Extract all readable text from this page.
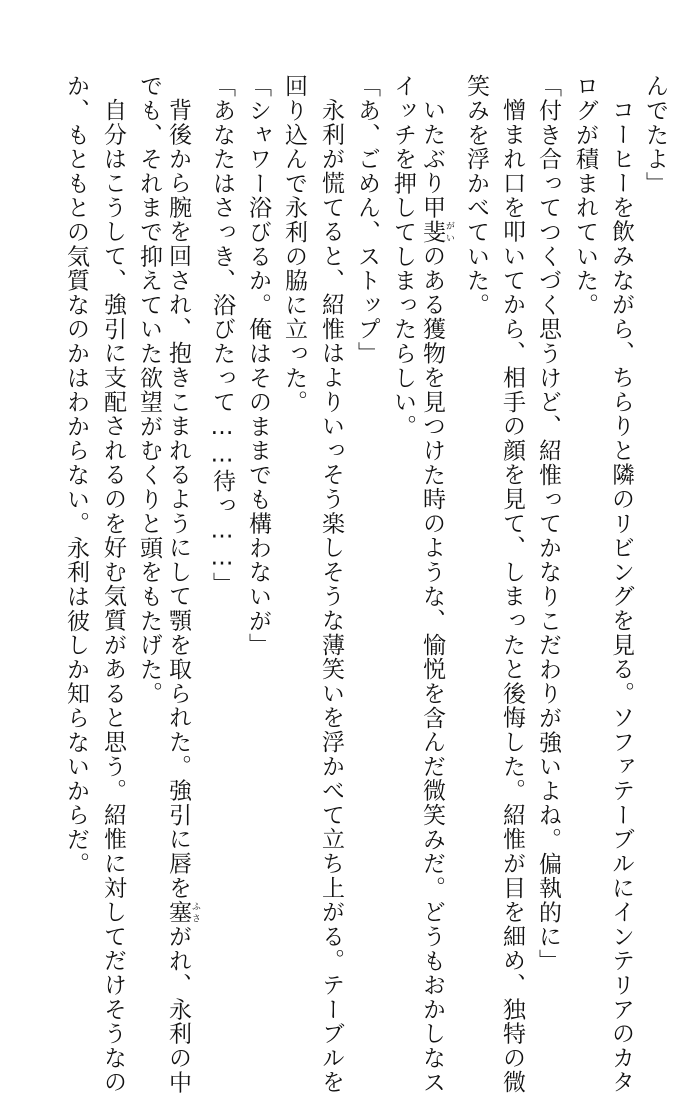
んでたよ」
コーヒーを飲みながら、ちらりと隣のリビングを見る。ソファテーブルにインテリアのカタ
ログが積まれていた。
「付き合ってつくづく思うけど、紹惟ってかなりこだわりが強いよね。偏執的に」
憎まれ口を叩いてから、相手の顔を見て、しまったと後悔した。紹惟が目を細め、独特の微
笑みを浮かべていた。
いたぶり甲斐 がいのある獲物を見つけた時のような、愉悦を含んだ微笑みだ。どうもおかしなス
イッチを押してしまったらしい。
「あ、ごめん、ストップ」
永利が慌てると、紹惟はよりいっそう楽しそうな薄笑いを浮かべて立ち上がる。テーブルを
回り込んで永利の脇に立った。
「シャワー浴びるか。俺はそのままでも構わないが」
「あなたはさっき、浴びたって……待っ……」
背後から腕を回され、抱きこまれるようにして顎を取られた。強引に唇を塞 ふさがれ、永利の中
でも、それまで抑えていた欲望がむくりと頭をもたげた。
自分はこうして、強引に支配されるのを好む気質があると思う。紹惟に対してだけそうなの
か、もともとの気質なのかはわからない。永利は彼しか知らないからだ。
